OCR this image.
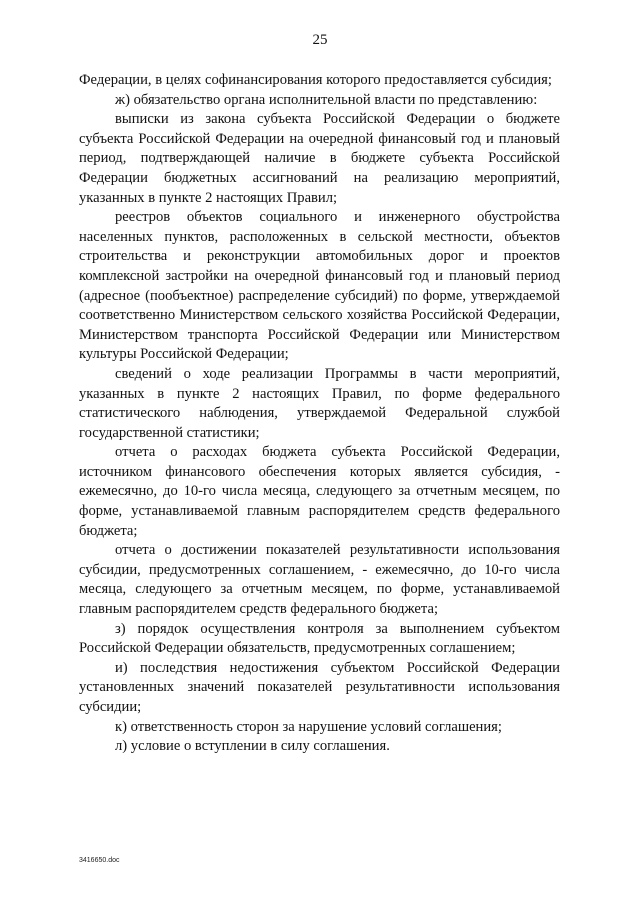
25

Федерации, в целях софинансирования которого предоставляется субсидия;

ж) обязательство органа исполнительной власти по представлению:

выписки из закона субъекта Российской Федерации о бюджете субъекта Российской Федерации на очередной финансовый год и плановый период, подтверждающей наличие в бюджете субъекта Российской Федерации бюджетных ассигнований на реализацию мероприятий, указанных в пункте 2 настоящих Правил;

реестров объектов социального и инженерного обустройства населенных пунктов, расположенных в сельской местности, объектов строительства и реконструкции автомобильных дорог и проектов комплексной застройки на очередной финансовый год и плановый период (адресное (пообъектное) распределение субсидий) по форме, утверждаемой соответственно Министерством сельского хозяйства Российской Федерации, Министерством транспорта Российской Федерации или Министерством культуры Российской Федерации;

сведений о ходе реализации Программы в части мероприятий, указанных в пункте 2 настоящих Правил, по форме федерального статистического наблюдения, утверждаемой Федеральной службой государственной статистики;

отчета о расходах бюджета субъекта Российской Федерации, источником финансового обеспечения которых является субсидия, - ежемесячно, до 10-го числа месяца, следующего за отчетным месяцем, по форме, устанавливаемой главным распорядителем средств федерального бюджета;

отчета о достижении показателей результативности использования субсидии, предусмотренных соглашением, - ежемесячно, до 10-го числа месяца, следующего за отчетным месяцем, по форме, устанавливаемой главным распорядителем средств федерального бюджета;

з) порядок осуществления контроля за выполнением субъектом Российской Федерации обязательств, предусмотренных соглашением;

и) последствия недостижения субъектом Российской Федерации установленных значений показателей результативности использования субсидии;

к) ответственность сторон за нарушение условий соглашения;

л) условие о вступлении в силу соглашения.

3416650.doc
